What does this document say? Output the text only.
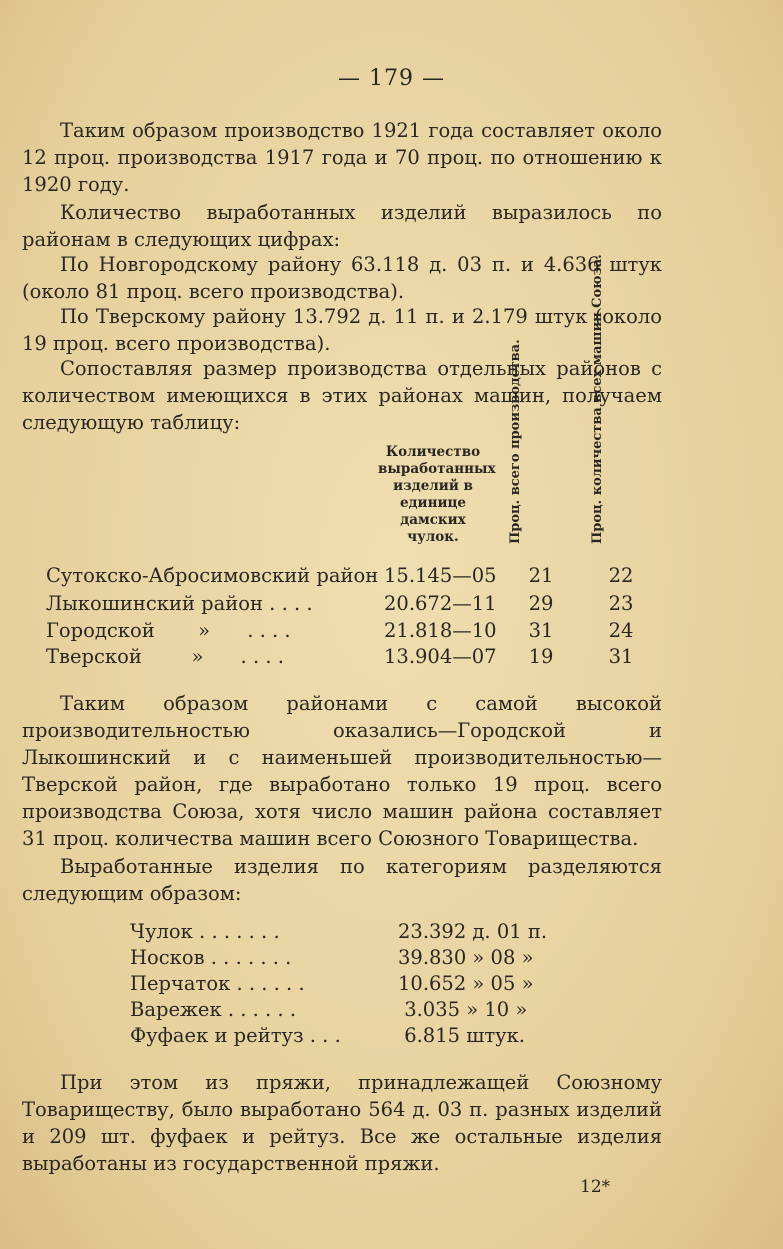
— 179 —

Таким образом производство 1921 года составляет около 12 проц. производства 1917 года и 70 проц. по отношению к 1920 году.

Количество выработанных изделий выразилось по районам в следующих цифрах:

По Новгородскому району 63.118 д. 03 п. и 4.636 штук (около 81 проц. всего производства).

По Тверскому району 13.792 д. 11 п. и 2.179 штук (около 19 проц. всего производства).

Сопоставляя размер производства отдельных районов с количеством имеющихся в этих районах машин, получаем следующую таблицу:

Количество выработанных изделий в единице дамских чулок.	Проц. всего производства.	Проц. количества всех машин Союза.
Сутокско-Абросимовский район 15.145—05	21	22
Лыкошинский район . . . .	20.672—11	29	23
Городской       »      . . . .	21.818—10	31	24
Тверской        »      . . . .	13.904—07	19	31

Таким образом районами с самой высокой производительностью оказались—Городской и Лыкошинский и с наименьшей производительностью—Тверской район, где выработано только 19 проц. всего производства Союза, хотя число машин района составляет 31 проц. количества машин всего Союзного Товарищества.

Выработанные изделия по категориям разделяются следующим образом:

Чулок . . . . . . .	23.392 д. 01 п.
Носков . . . . . . .	39.830 » 08 »
Перчаток . . . . . .	10.652 » 05 »
Варежек . . . . . .	3.035 » 10 »
Фуфаек и рейтуз . . .	6.815 штук.

При этом из пряжи, принадлежащей Союзному Товариществу, было выработано 564 д. 03 п. разных изделий и 209 шт. фуфаек и рейтуз. Все же остальные изделия выработаны из государственной пряжи.

12*
